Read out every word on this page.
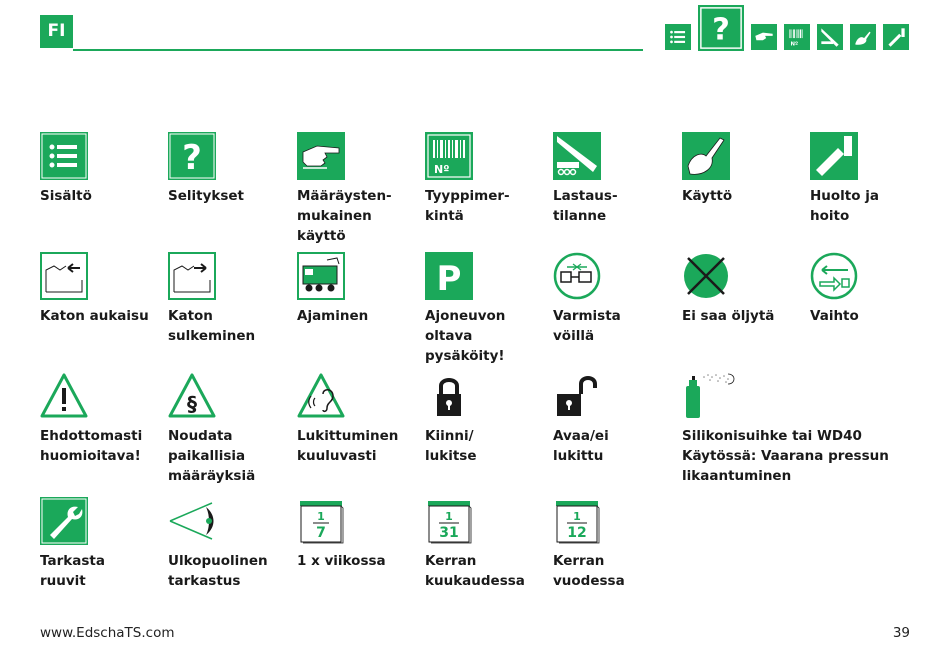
FI	?	Nº
Sisältö
?
Selitykset	Määräysten-
mukainen
käyttö
Nº
Tyyppimer-
kintä
Lastaus-
tilanne
Käyttö	Huolto ja
hoito
Katon aukaisu	Katon
sulkeminen
Ajaminen
P
Ajoneuvon
oltava
pysäköity!
Varmista
vöillä
Ei saa öljytä	Vaihto
Ehdottomasti
huomioitava!
§
Noudata
paikallisia
määräyksiä
Lukittuminen
kuuluvasti
Kiinni/
lukitse
Avaa/ei
lukittu
Silikonisuihke tai WD40
Käytössä: Vaarana pressun
likaantuminen
Tarkasta
ruuvit
Ulkopuolinen
tarkastus
1
7
1 x viikossa
1
31
Kerran
kuukaudessa
1
12
Kerran
vuodessa
www.EdschaTS.com	39
